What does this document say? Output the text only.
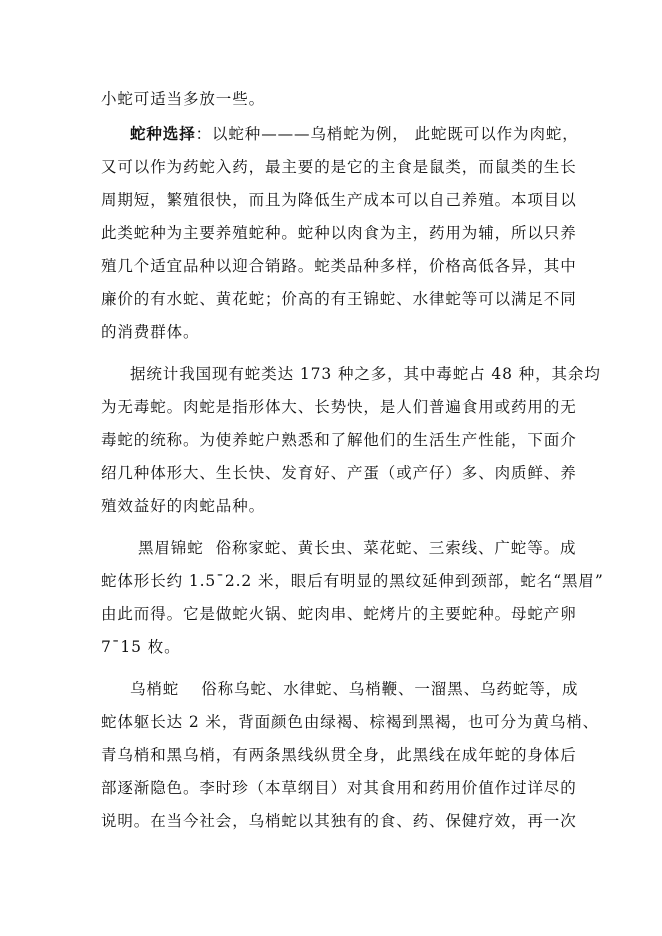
小蛇可适当多放一些。
蛇种选择：以蛇种———乌梢蛇为例， 此蛇既可以作为肉蛇，
又可以作为药蛇入药，最主要的是它的主食是鼠类，而鼠类的生长
周期短，繁殖很快，而且为降低生产成本可以自己养殖。本项目以
此类蛇种为主要养殖蛇种。蛇种以肉食为主，药用为辅，所以只养
殖几个适宜品种以迎合销路。蛇类品种多样，价格高低各异，其中
廉价的有水蛇、黄花蛇；价高的有王锦蛇、水律蛇等可以满足不同
的消费群体。
据统计我国现有蛇类达 173 种之多，其中毒蛇占 48 种，其余均
为无毒蛇。肉蛇是指形体大、长势快，是人们普遍食用或药用的无
毒蛇的统称。为使养蛇户熟悉和了解他们的生活生产性能，下面介
绍几种体形大、生长快、发育好、产蛋（或产仔）多、肉质鲜、养
殖效益好的肉蛇品种。
黑眉锦蛇 俗称家蛇、黄长虫、菜花蛇、三索线、广蛇等。成
蛇体形长约 1.5¯2.2 米，眼后有明显的黑纹延伸到颈部，蛇名“黑眉”
由此而得。它是做蛇火锅、蛇肉串、蛇烤片的主要蛇种。母蛇产卵
7¯15 枚。
乌梢蛇 俗称乌蛇、水律蛇、乌梢鞭、一溜黑、乌药蛇等，成
蛇体躯长达 2 米，背面颜色由绿褐、棕褐到黑褐，也可分为黄乌梢、
青乌梢和黑乌梢，有两条黑线纵贯全身，此黑线在成年蛇的身体后
部逐渐隐色。李时珍（本草纲目）对其食用和药用价值作过详尽的
说明。在当今社会，乌梢蛇以其独有的食、药、保健疗效，再一次
